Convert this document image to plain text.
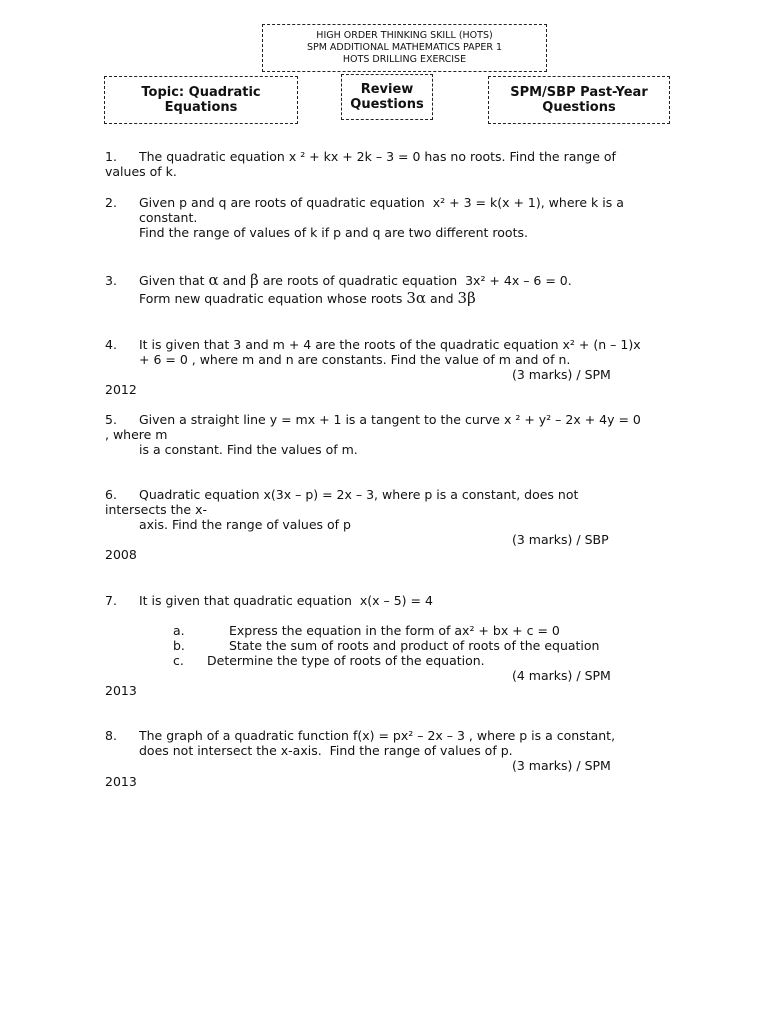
HIGH ORDER THINKING SKILL (HOTS)
SPM ADDITIONAL MATHEMATICS PAPER 1
HOTS DRILLING EXERCISE
Topic: Quadratic
Equations
Review
Questions
SPM/SBP Past-Year
Questions
1. The quadratic equation x ² + kx + 2k – 3 = 0 has no roots. Find the range of
values of k.
2. Given p and q are roots of quadratic equation  x² + 3 = k(x + 1), where k is a
constant.
Find the range of values of k if p and q are two different roots.
3. Given that α and β are roots of quadratic equation  3x² + 4x – 6 = 0.
Form new quadratic equation whose roots 3α and 3β
4. It is given that 3 and m + 4 are the roots of the quadratic equation x² + (n – 1)x
+ 6 = 0 , where m and n are constants. Find the value of m and of n.
(3 marks) / SPM
2012
5. Given a straight line y = mx + 1 is a tangent to the curve x ² + y² – 2x + 4y = 0
, where m
is a constant. Find the values of m.
6. Quadratic equation x(3x – p) = 2x – 3, where p is a constant, does not
intersects the x-
axis. Find the range of values of p
(3 marks) / SBP
2008
7. It is given that quadratic equation  x(x – 5) = 4
a.	Express the equation in the form of ax² + bx + c = 0
b.	State the sum of roots and product of roots of the equation
c. Determine the type of roots of the equation.
(4 marks) / SPM
2013
8. The graph of a quadratic function f(x) = px² – 2x – 3 , where p is a constant,
does not intersect the x-axis.  Find the range of values of p.
(3 marks) / SPM
2013
